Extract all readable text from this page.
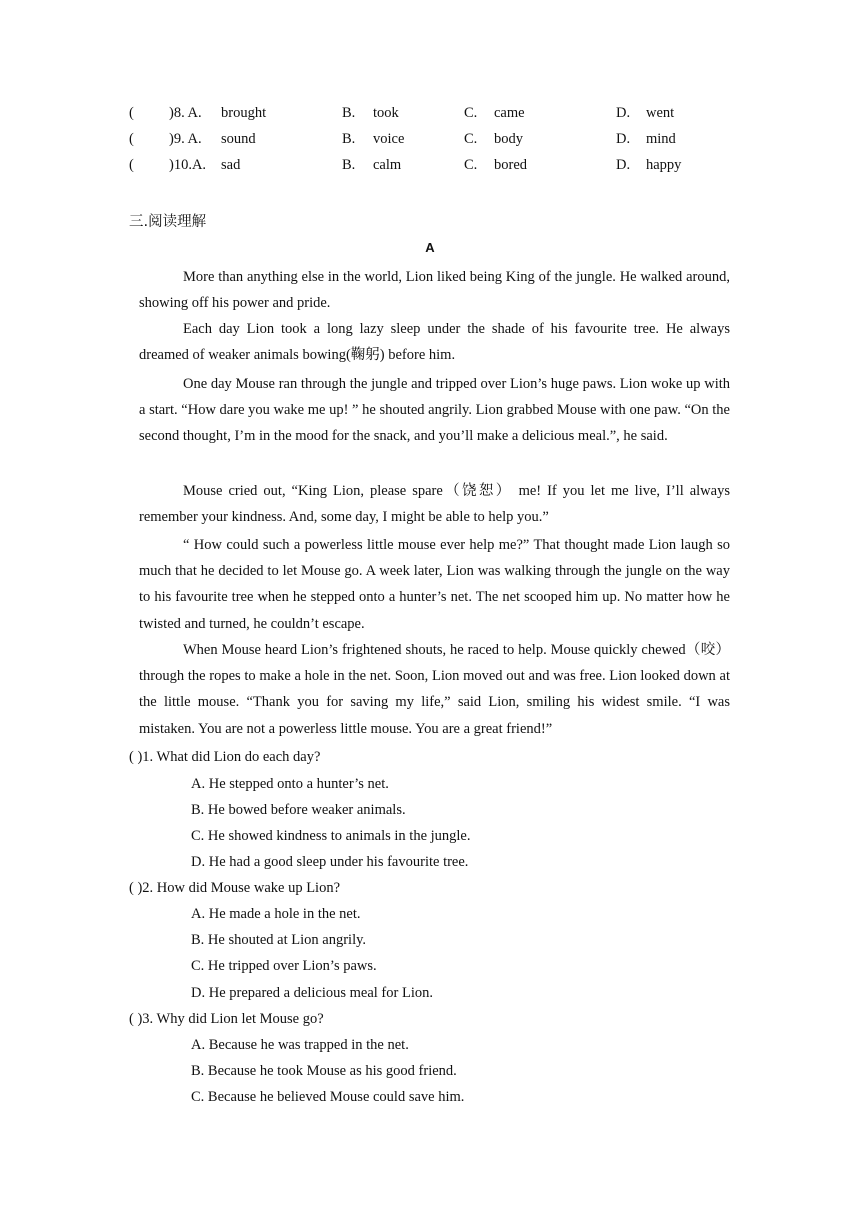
( )8. A. brought	B. took	C. came	D. went
( )9. A. sound	B. voice	C. body	D. mind
( )10.A. sad	B. calm	C. bored	D. happy
三.阅读理解
A
More than anything else in the world, Lion liked being King of the jungle. He walked around, showing off his power and pride.
Each day Lion took a long lazy sleep under the shade of his favourite tree. He always dreamed of weaker animals bowing(鞠躬) before him.
One day Mouse ran through the jungle and tripped over Lion’s huge paws. Lion woke up with a start. “How dare you wake me up! ” he shouted angrily. Lion grabbed Mouse with one paw. “On the second thought, I’m in the mood for the snack, and you’ll make a delicious meal.”, he said.
Mouse cried out, “King Lion, please spare（饶恕） me! If you let me live, I’ll always remember your kindness. And, some day, I might be able to help you.”
“ How could such a powerless little mouse ever help me?” That thought made Lion laugh so much that he decided to let Mouse go. A week later, Lion was walking through the jungle on the way to his favourite tree when he stepped onto a hunter’s net. The net scooped him up. No matter how he twisted and turned, he couldn’t escape.
When Mouse heard Lion’s frightened shouts, he raced to help. Mouse quickly chewed（咬）through the ropes to make a hole in the net. Soon, Lion moved out and was free. Lion looked down at the little mouse. “Thank you for saving my life,” said Lion, smiling his widest smile. “I was mistaken. You are not a powerless little mouse. You are a great friend!”
( )1. What did Lion do each day?
A. He stepped onto a hunter’s net.
B. He bowed before weaker animals.
C. He showed kindness to animals in the jungle.
D. He had a good sleep under his favourite tree.
( )2. How did Mouse wake up Lion?
A. He made a hole in the net.
B. He shouted at Lion angrily.
C. He tripped over Lion’s paws.
D. He prepared a delicious meal for Lion.
( )3. Why did Lion let Mouse go?
A. Because he was trapped in the net.
B. Because he took Mouse as his good friend.
C. Because he believed Mouse could save him.
